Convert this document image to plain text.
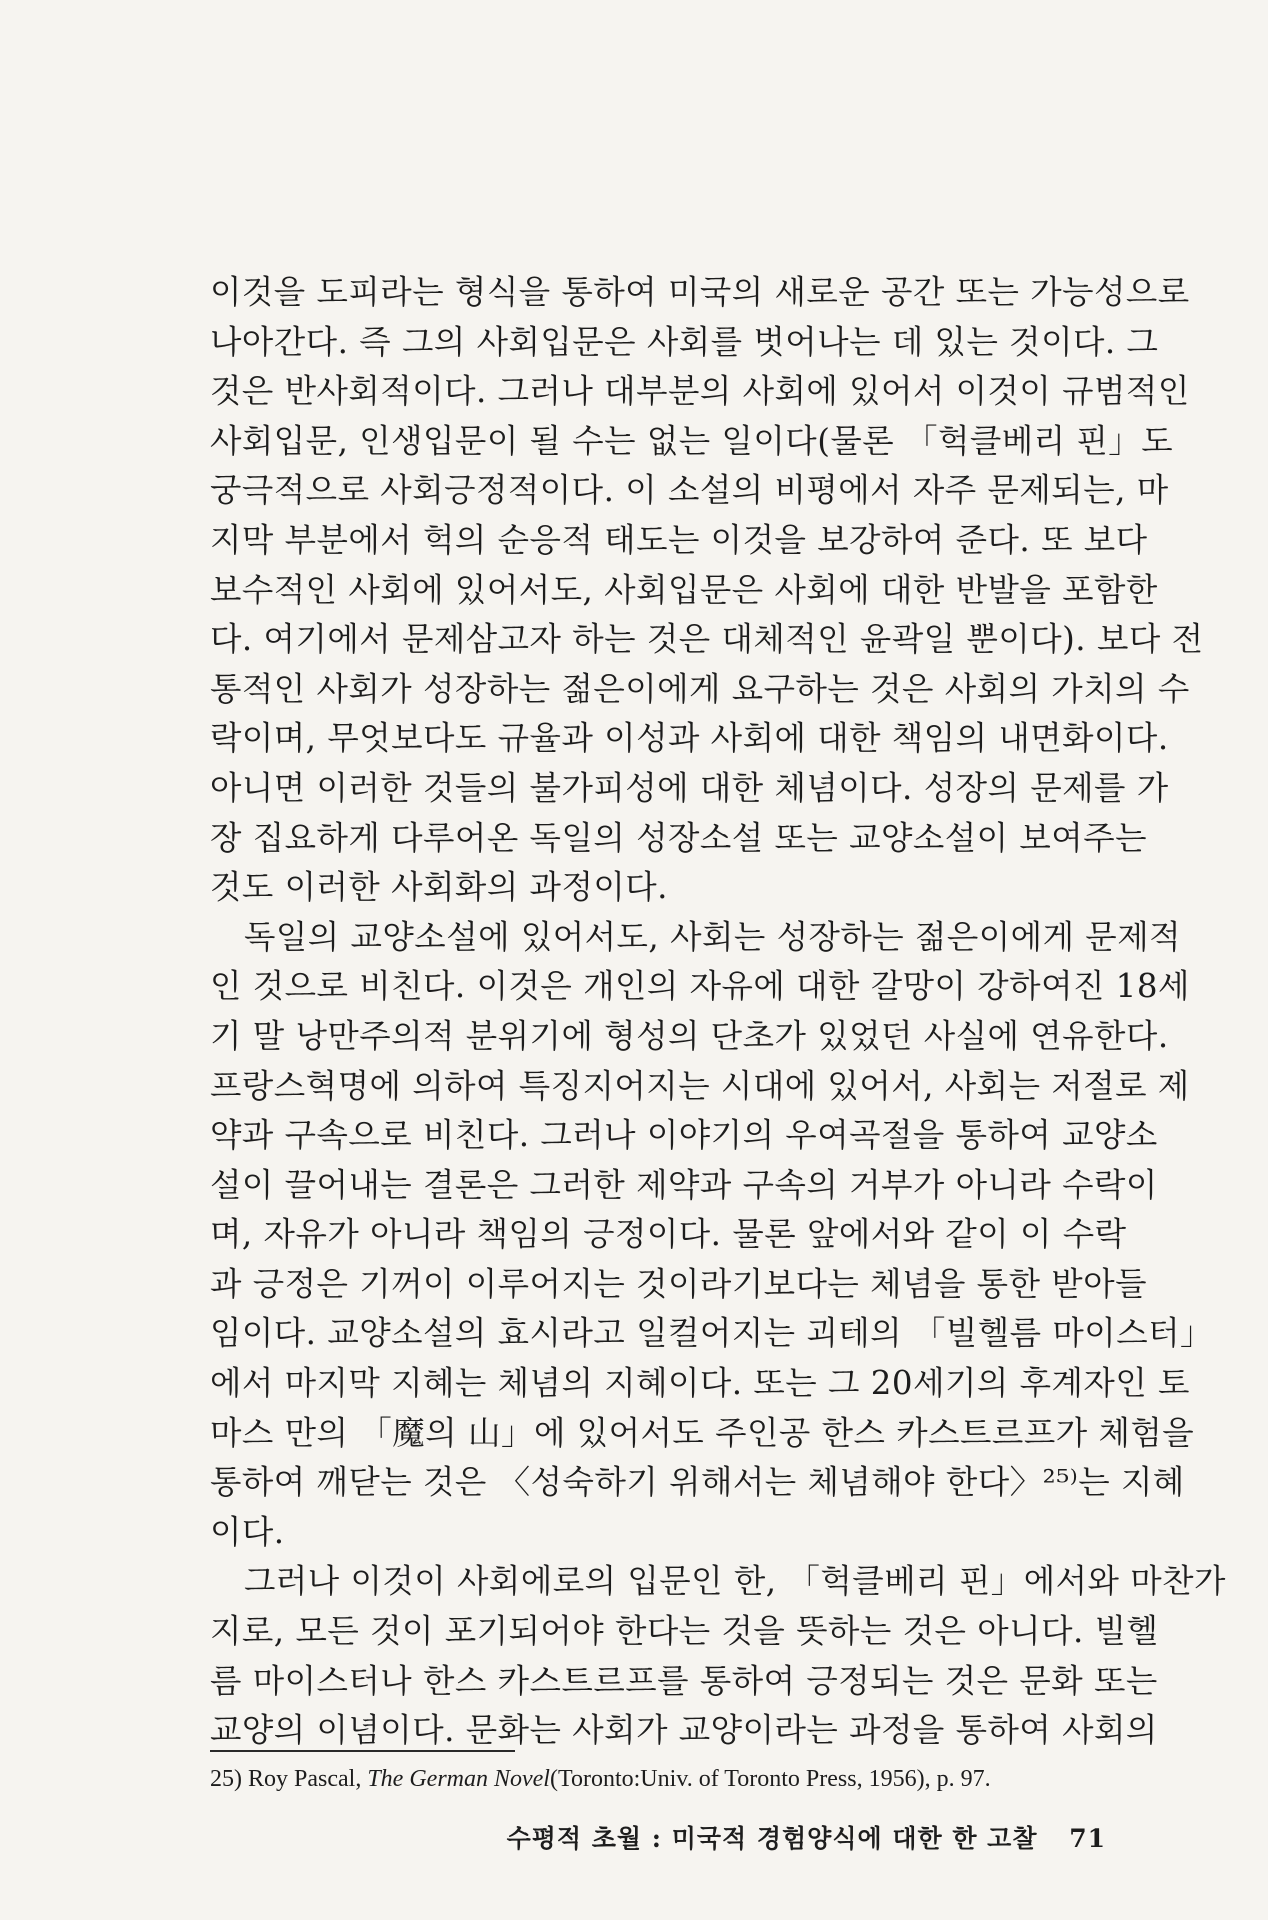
이것을 도피라는 형식을 통하여 미국의 새로운 공간 또는 가능성으로
나아간다. 즉 그의 사회입문은 사회를 벗어나는 데 있는 것이다. 그
것은 반사회적이다. 그러나 대부분의 사회에 있어서 이것이 규범적인
사회입문, 인생입문이 될 수는 없는 일이다(물론 「헉클베리 핀」도
궁극적으로 사회긍정적이다. 이 소설의 비평에서 자주 문제되는, 마
지막 부분에서 헉의 순응적 태도는 이것을 보강하여 준다. 또 보다
보수적인 사회에 있어서도, 사회입문은 사회에 대한 반발을 포함한
다. 여기에서 문제삼고자 하는 것은 대체적인 윤곽일 뿐이다). 보다 전
통적인 사회가 성장하는 젊은이에게 요구하는 것은 사회의 가치의 수
락이며, 무엇보다도 규율과 이성과 사회에 대한 책임의 내면화이다.
아니면 이러한 것들의 불가피성에 대한 체념이다. 성장의 문제를 가
장 집요하게 다루어온 독일의 성장소설 또는 교양소설이 보여주는
것도 이러한 사회화의 과정이다.
독일의 교양소설에 있어서도, 사회는 성장하는 젊은이에게 문제적
인 것으로 비친다. 이것은 개인의 자유에 대한 갈망이 강하여진 18세
기 말 낭만주의적 분위기에 형성의 단초가 있었던 사실에 연유한다.
프랑스혁명에 의하여 특징지어지는 시대에 있어서, 사회는 저절로 제
약과 구속으로 비친다. 그러나 이야기의 우여곡절을 통하여 교양소
설이 끌어내는 결론은 그러한 제약과 구속의 거부가 아니라 수락이
며, 자유가 아니라 책임의 긍정이다. 물론 앞에서와 같이 이 수락
과 긍정은 기꺼이 이루어지는 것이라기보다는 체념을 통한 받아들
임이다. 교양소설의 효시라고 일컬어지는 괴테의 「빌헬름 마이스터」
에서 마지막 지혜는 체념의 지혜이다. 또는 그 20세기의 후계자인 토
마스 만의 「魔의 山」에 있어서도 주인공 한스 카스트르프가 체험을
통하여 깨닫는 것은 〈성숙하기 위해서는 체념해야 한다〉²⁵⁾는 지혜
이다.
그러나 이것이 사회에로의 입문인 한, 「헉클베리 핀」에서와 마찬가
지로, 모든 것이 포기되어야 한다는 것을 뜻하는 것은 아니다. 빌헬
름 마이스터나 한스 카스트르프를 통하여 긍정되는 것은 문화 또는
교양의 이념이다. 문화는 사회가 교양이라는 과정을 통하여 사회의
25) Roy Pascal, The German Novel(Toronto:Univ. of Toronto Press, 1956), p. 97.
수평적 초월 : 미국적 경험양식에 대한 한 고찰 71
